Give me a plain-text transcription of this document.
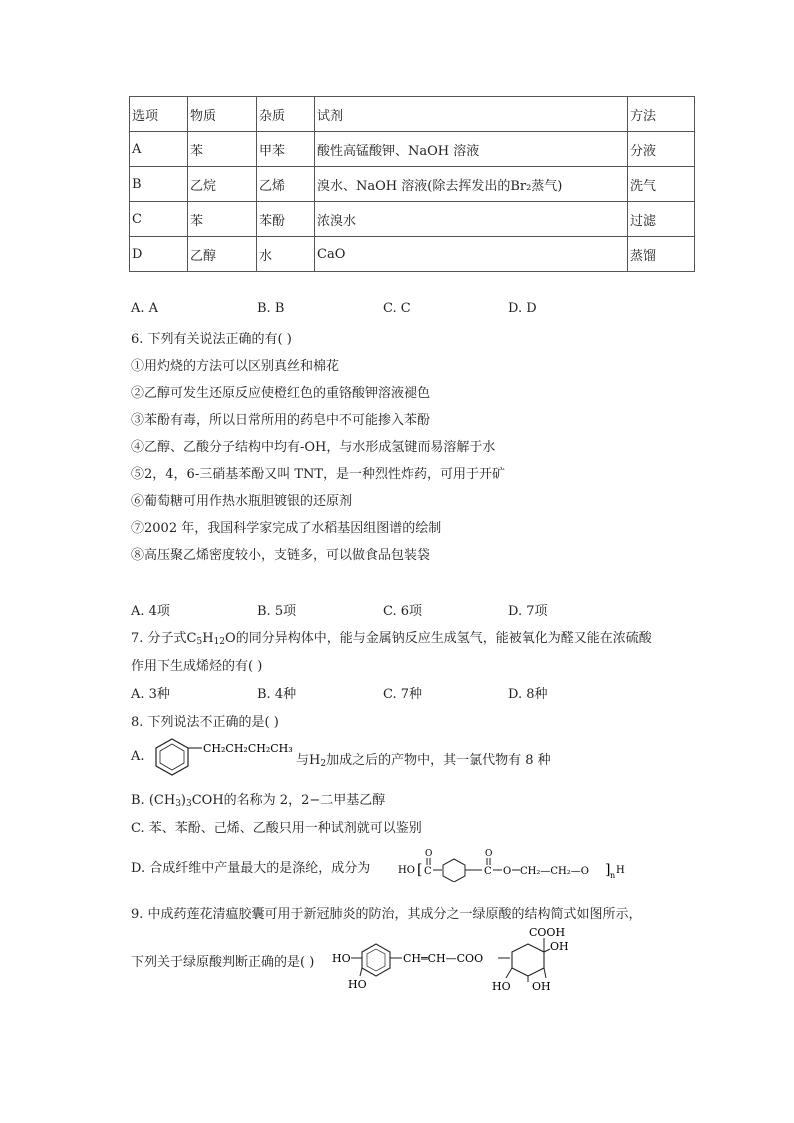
选项	物质	杂质	试剂	方法
A	苯	甲苯	酸性高锰酸钾、NaOH 溶液	分液
B	乙烷	乙烯	溴水、NaOH 溶液(除去挥发出的Br₂蒸气)	洗气
C	苯	苯酚	浓溴水	过滤
D	乙醇	水	CaO	蒸馏
A. A	B. B	C. C	D. D
6. 下列有关说法正确的有( )
①用灼烧的方法可以区别真丝和棉花
②乙醇可发生还原反应使橙红色的重铬酸钾溶液褪色
③苯酚有毒，所以日常所用的药皂中不可能掺入苯酚
④乙醇、乙酸分子结构中均有-OH，与水形成氢键而易溶解于水
⑤2，4，6-三硝基苯酚又叫 TNT，是一种烈性炸药，可用于开矿
⑥葡萄糖可用作热水瓶胆镀银的还原剂
⑦2002 年，我国科学家完成了水稻基因组图谱的绘制
⑧高压聚乙烯密度较小，支链多，可以做食品包装袋
A. 4项	B. 5项	C. 6项	D. 7项
7. 分子式$C_5H_{12}O$的同分异构体中，能与金属钠反应生成氢气，能被氧化为醛又能在浓硫酸
作用下生成烯烃的有( )
A. 3种	B. 4种	C. 7种	D. 8种
8. 下列说法不正确的是( )
A.
CH₂CH₂CH₂CH₃
与$H_2$加成之后的产物中，其一氯代物有 8 种
B. $(CH_3)_3COH$的名称为 2，2−二甲基乙醇
C. 苯、苯酚、己烯、乙酸只用一种试剂就可以鉴别
D. 合成纤维中产量最大的是涤纶，成分为	HO [
O
C
O
C O CH₂—CH₂—O ] n H
9. 中成药莲花清瘟胶囊可用于新冠肺炎的防治，其成分之一绿原酸的结构简式如图所示，
下列关于绿原酸判断正确的是( ) HO
HO
CH═CH—COO
COOH
OH
OH
HO
